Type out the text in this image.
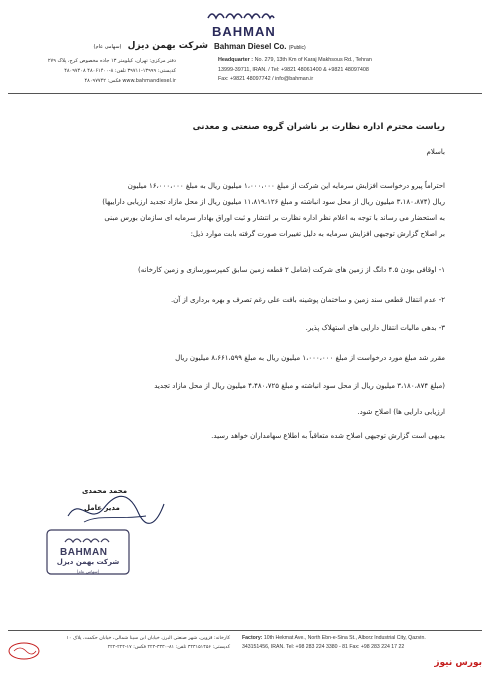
BAHMAN
شرکت بهمن دیزل (سهامی عام)	Bahman Diesel Co. (Public)
دفتر مرکزی: تهران، کیلومتر ۱۳ جاده مخصوص کرج، پلاک ۲۷۹
کدپستی: ۱۳۹۹۹-۳۹۷۱۱ تلفن: ۸-۴۸۰۶۱۴۰۰ ۴۸۰۹۷۴۰۸
www.bahmandiesel.ir فکس: ۴۸۰۹۷۷۴۲
Headquarter : No. 279, 13th Km of Karaj Makhsous Rd., Tehran
13999-39711, IRAN. / Tel: +9821 48061400 & +9821 48097408
Fax: +9821 48097742 / info@bahman.ir
ریاست محترم اداره نظارت بر ناشران گروه صنعتی و معدنی
باسلام
احتراماً پیرو درخواست افزایش سرمایه این شرکت از مبلغ ۱،۰۰۰،۰۰۰ میلیون ریال به مبلغ ۱۶،۰۰۰،۰۰۰ میلیون
ریال (۳،۱۸۰،۸۷۴ میلیون ریال از محل سود انباشته و مبلغ ۱۱،۸۱۹،۱۲۶ میلیون ریال از محل مازاد تجدید ارزیابی داراییها)
به استحضار می رساند با توجه به اعلام نظر اداره نظارت بر انتشار و ثبت اوراق بهادار سرمایه ای سازمان بورس مبنی
بر اصلاح گزارش توجیهی افزایش سرمایه به دلیل تغییرات صورت گرفته بابت موارد ذیل:
۱- اوقافی بودن ۴.۵ دانگ از زمین های شرکت (شامل ۲ قطعه زمین سابق کمپرسورسازی و زمین کارخانه)
۲- عدم انتقال قطعی سند زمین و ساختمان پوشینه بافت علی رغم تصرف و بهره برداری از آن.
۳- بدهی مالیات انتقال دارایی های استهلاک پذیر.
مقرر شد مبلغ مورد درخواست از مبلغ ۱،۰۰۰،۰۰۰ میلیون ریال به مبلغ ۸،۶۶۱،۵۹۹ میلیون ریال
(مبلغ ۳،۱۸۰،۸۷۴ میلیون ریال از محل سود انباشته و مبلغ ۴،۴۸۰،۷۲۵ میلیون ریال از محل مازاد تجدید
ارزیابی دارایی ها) اصلاح شود.
بدیهی است گزارش توجیهی اصلاح شده متعاقباً به اطلاع سهامداران خواهد رسید.
محمد محمدی
مدیر عامل
BAHMAN
شرکت بهمن دیزل
(سهامی عام)
کارخانه: قزوین، شهر صنعتی البرز، خیابان ابن سینا شمالی، خیابان حکمت، پلاک ۱۰
کدپستی: ۳۴۳۱۵۱۴۵۶ تلفن: ۸۱-۳۳۳۰-۲۲۴ فکس: ۱۷-۲۲۴-۲۲۲
Factory: 10th Hekmat Ave., North Ebn-e-Sina St., Alborz Industrial City, Qazvin.
343151456, IRAN. Tel: +98 283 224 3380 - 81 Fax: +98 283 224 17 22
بورس نیوز
